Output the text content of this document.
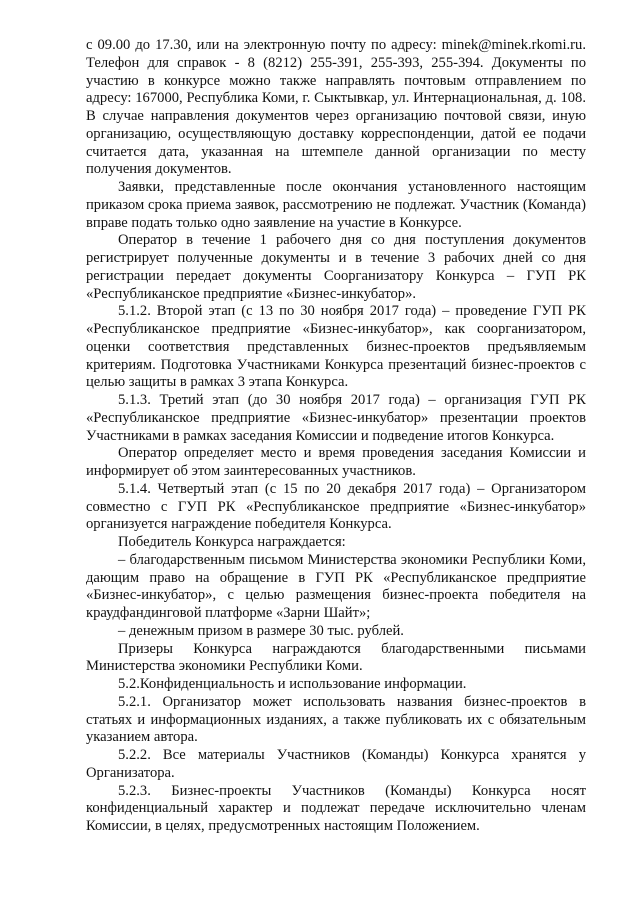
с 09.00 до 17.30, или на электронную почту по адресу: minek@minek.rkomi.ru. Телефон для справок - 8 (8212) 255-391, 255-393, 255-394. Документы по участию в конкурсе можно также направлять почтовым отправлением по адресу: 167000, Республика Коми, г. Сыктывкар, ул. Интернациональная, д. 108. В случае направления документов через организацию почтовой связи, иную организацию, осуществляющую доставку корреспонденции, датой ее подачи считается дата, указанная на штемпеле данной организации по месту получения документов.

Заявки, представленные после окончания установленного настоящим приказом срока приема заявок, рассмотрению не подлежат. Участник (Команда) вправе подать только одно заявление на участие в Конкурсе.

Оператор в течение 1 рабочего дня со дня поступления документов регистрирует полученные документы и в течение 3 рабочих дней со дня регистрации передает документы Соорганизатору Конкурса – ГУП РК «Республиканское предприятие «Бизнес-инкубатор».

5.1.2. Второй этап (с 13 по 30 ноября 2017 года) – проведение ГУП РК «Республиканское предприятие «Бизнес-инкубатор», как соорганизатором, оценки соответствия представленных бизнес-проектов предъявляемым критериям. Подготовка Участниками Конкурса презентаций бизнес-проектов с целью защиты в рамках 3 этапа Конкурса.

5.1.3. Третий этап (до 30 ноября 2017 года) – организация ГУП РК «Республиканское предприятие «Бизнес-инкубатор» презентации проектов Участниками в рамках заседания Комиссии и подведение итогов Конкурса.

Оператор определяет место и время проведения заседания Комиссии и информирует об этом заинтересованных участников.

5.1.4. Четвертый этап (с 15 по 20 декабря 2017 года) – Организатором совместно с ГУП РК «Республиканское предприятие «Бизнес-инкубатор» организуется награждение победителя Конкурса.

Победитель Конкурса награждается:

– благодарственным письмом Министерства экономики Республики Коми, дающим право на обращение в ГУП РК «Республиканское предприятие «Бизнес-инкубатор», с целью размещения бизнес-проекта победителя на краудфандинговой платформе «Зарни Шайт»;

– денежным призом в размере 30 тыс. рублей.

Призеры Конкурса награждаются благодарственными письмами Министерства экономики Республики Коми.

5.2.Конфиденциальность и использование информации.

5.2.1. Организатор может использовать названия бизнес-проектов в статьях и информационных изданиях, а также публиковать их с обязательным указанием автора.

5.2.2. Все материалы Участников (Команды) Конкурса хранятся у Организатора.

5.2.3. Бизнес-проекты Участников (Команды) Конкурса носят конфиденциальный характер и подлежат передаче исключительно членам Комиссии, в целях, предусмотренных настоящим Положением.
